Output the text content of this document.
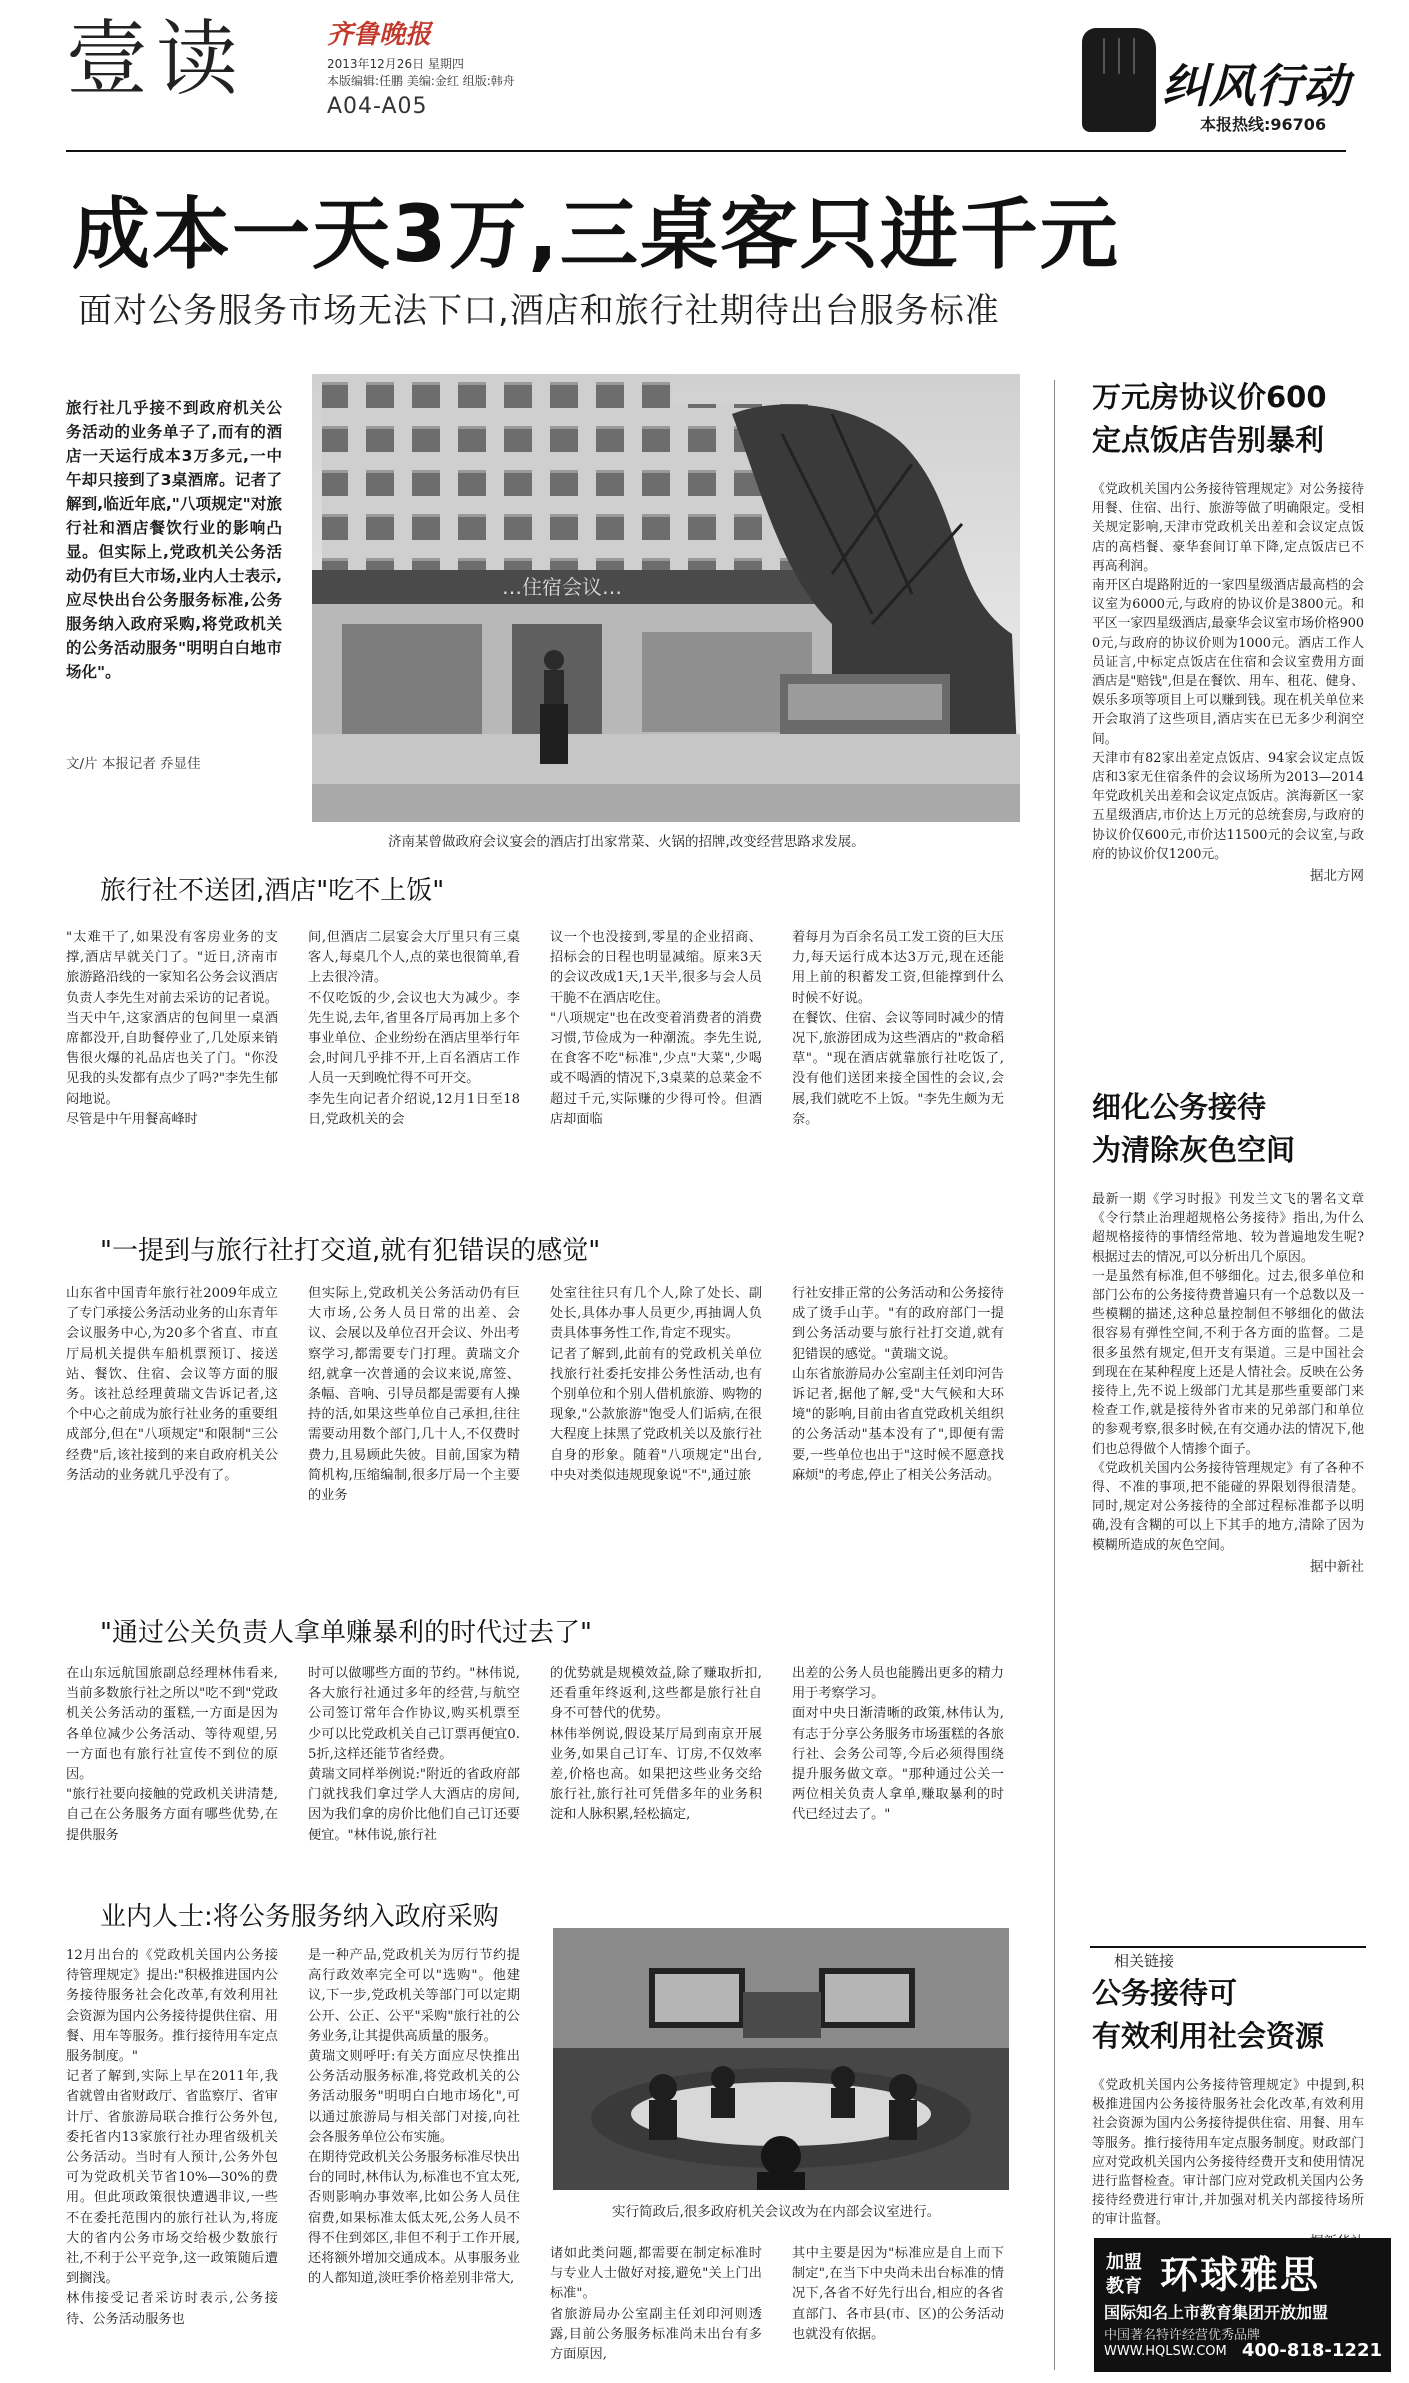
壹读	齐鲁晚报
2013年12月26日 星期四
本版编辑:任鹏 美编:金红 组版:韩舟
A04-A05	纠风行动
本报热线:96706
成本一天3万,三桌客只进千元
面对公务服务市场无法下口,酒店和旅行社期待出台服务标准

旅行社几乎接不到政府机关公务活动的业务单子了,而有的酒店一天运行成本3万多元,一中午却只接到了3桌酒席。记者了解到,临近年底,"八项规定"对旅行社和酒店餐饮行业的影响凸显。但实际上,党政机关公务活动仍有巨大市场,业内人士表示,应尽快出台公务服务标准,公务服务纳入政府采购,将党政机关的公务活动服务"明明白白地市场化"。

文/片 本报记者 乔显佳
…住宿会议…
济南某曾做政府会议宴会的酒店打出家常菜、火锅的招牌,改变经营思路求发展。
旅行社不送团,酒店"吃不上饭"

"太难干了,如果没有客房业务的支撑,酒店早就关门了。"近日,济南市旅游路沿线的一家知名公务会议酒店负责人李先生对前去采访的记者说。当天中午,这家酒店的包间里一桌酒席都没开,自助餐停业了,几处原来销售很火爆的礼品店也关了门。"你没见我的头发都有点少了吗?"李先生郁闷地说。
尽管是中午用餐高峰时

间,但酒店二层宴会大厅里只有三桌客人,每桌几个人,点的菜也很简单,看上去很冷清。
不仅吃饭的少,会议也大为减少。李先生说,去年,省里各厅局再加上多个事业单位、企业纷纷在酒店里举行年会,时间几乎排不开,上百名酒店工作人员一天到晚忙得不可开交。
李先生向记者介绍说,12月1日至18日,党政机关的会

议一个也没接到,零星的企业招商、招标会的日程也明显减缩。原来3天的会议改成1天,1天半,很多与会人员干脆不在酒店吃住。
"八项规定"也在改变着消费者的消费习惯,节俭成为一种潮流。李先生说,在食客不吃"标准",少点"大菜",少喝或不喝酒的情况下,3桌菜的总菜金不超过千元,实际赚的少得可怜。但酒店却面临

着每月为百余名员工发工资的巨大压力,每天运行成本达3万元,现在还能用上前的积蓄发工资,但能撑到什么时候不好说。
在餐饮、住宿、会议等同时减少的情况下,旅游团成为这些酒店的"救命稻草"。"现在酒店就靠旅行社吃饭了,没有他们送团来接全国性的会议,会展,我们就吃不上饭。"李先生颇为无奈。

"一提到与旅行社打交道,就有犯错误的感觉"

山东省中国青年旅行社2009年成立了专门承接公务活动业务的山东青年会议服务中心,为20多个省直、市直厅局机关提供车船机票预订、接送站、餐饮、住宿、会议等方面的服务。该社总经理黄瑞文告诉记者,这个中心之前成为旅行社业务的重要组成部分,但在"八项规定"和限制"三公经费"后,该社接到的来自政府机关公务活动的业务就几乎没有了。

但实际上,党政机关公务活动仍有巨大市场,公务人员日常的出差、会议、会展以及单位召开会议、外出考察学习,都需要专门打理。黄瑞文介绍,就拿一次普通的会议来说,席签、条幅、音响、引导员都是需要有人操持的活,如果这些单位自己承担,往往需要动用数个部门,几十人,不仅费时费力,且易顾此失彼。目前,国家为精简机构,压缩编制,很多厅局一个主要的业务

处室往往只有几个人,除了处长、副处长,具体办事人员更少,再抽调人负责具体事务性工作,肯定不现实。
记者了解到,此前有的党政机关单位找旅行社委托安排公务性活动,也有个别单位和个别人借机旅游、购物的现象,"公款旅游"饱受人们诟病,在很大程度上抹黑了党政机关以及旅行社自身的形象。随着"八项规定"出台,中央对类似违规现象说"不",通过旅

行社安排正常的公务活动和公务接待成了烫手山芋。"有的政府部门一提到公务活动要与旅行社打交道,就有犯错误的感觉。"黄瑞文说。
山东省旅游局办公室副主任刘印河告诉记者,据他了解,受"大气候和大环境"的影响,目前由省直党政机关组织的公务活动"基本没有了",即便有需要,一些单位也出于"这时候不愿意找麻烦"的考虑,停止了相关公务活动。

"通过公关负责人拿单赚暴利的时代过去了"

在山东远航国旅副总经理林伟看来,当前多数旅行社之所以"吃不到"党政机关公务活动的蛋糕,一方面是因为各单位减少公务活动、等待观望,另一方面也有旅行社宣传不到位的原因。
"旅行社要向接触的党政机关讲清楚,自己在公务服务方面有哪些优势,在提供服务

时可以做哪些方面的节约。"林伟说,各大旅行社通过多年的经营,与航空公司签订常年合作协议,购买机票至少可以比党政机关自己订票再便宜0.5折,这样还能节省经费。
黄瑞文同样举例说:"附近的省政府部门就找我们拿过学人大酒店的房间,因为我们拿的房价比他们自己订还要便宜。"林伟说,旅行社

的优势就是规模效益,除了赚取折扣,还看重年终返利,这些都是旅行社自身不可替代的优势。
林伟举例说,假设某厅局到南京开展业务,如果自己订车、订房,不仅效率差,价格也高。如果把这些业务交给旅行社,旅行社可凭借多年的业务积淀和人脉积累,轻松搞定,

出差的公务人员也能腾出更多的精力用于考察学习。
面对中央日渐清晰的政策,林伟认为,有志于分享公务服务市场蛋糕的各旅行社、会务公司等,今后必须得围绕提升服务做文章。"那种通过公关一两位相关负责人拿单,赚取暴利的时代已经过去了。"

业内人士:将公务服务纳入政府采购

12月出台的《党政机关国内公务接待管理规定》提出:"积极推进国内公务接待服务社会化改革,有效利用社会资源为国内公务接待提供住宿、用餐、用车等服务。推行接待用车定点服务制度。"
记者了解到,实际上早在2011年,我省就曾由省财政厅、省监察厅、省审计厅、省旅游局联合推行公务外包,委托省内13家旅行社办理省级机关公务活动。当时有人预计,公务外包可为党政机关节省10%—30%的费用。但此项政策很快遭遇非议,一些不在委托范围内的旅行社认为,将庞大的省内公务市场交给极少数旅行社,不利于公平竞争,这一政策随后遭到搁浅。
林伟接受记者采访时表示,公务接待、公务活动服务也

是一种产品,党政机关为厉行节约提高行政效率完全可以"选购"。他建议,下一步,党政机关等部门可以定期公开、公正、公平"采购"旅行社的公务业务,让其提供高质量的服务。
黄瑞文则呼吁:有关方面应尽快推出公务活动服务标准,将党政机关的公务活动服务"明明白白地市场化",可以通过旅游局与相关部门对接,向社会各服务单位公布实施。
在期待党政机关公务服务标准尽快出台的同时,林伟认为,标准也不宜太死,否则影响办事效率,比如公务人员住宿费,如果标准太低太死,公务人员不得不住到郊区,非但不利于工作开展,还将额外增加交通成本。从事服务业的人都知道,淡旺季价格差别非常大,

诸如此类问题,都需要在制定标准时与专业人士做好对接,避免"关上门出标准"。
省旅游局办公室副主任刘印河则透露,目前公务服务标准尚未出台有多方面原因,

其中主要是因为"标准应是自上而下制定",在当下中央尚未出台标准的情况下,各省不好先行出台,相应的各省直部门、各市县(市、区)的公务活动也就没有依据。

实行简政后,很多政府机关会议改为在内部会议室进行。
万元房协议价600
定点饭店告别暴利

《党政机关国内公务接待管理规定》对公务接待用餐、住宿、出行、旅游等做了明确限定。受相关规定影响,天津市党政机关出差和会议定点饭店的高档餐、豪华套间订单下降,定点饭店已不再高利润。
南开区白堤路附近的一家四星级酒店最高档的会议室为6000元,与政府的协议价是3800元。和平区一家四星级酒店,最豪华会议室市场价格9000元,与政府的协议价则为1000元。酒店工作人员证言,中标定点饭店在住宿和会议室费用方面酒店是"赔钱",但是在餐饮、用车、租花、健身、娱乐多项等项目上可以赚到钱。现在机关单位来开会取消了这些项目,酒店实在已无多少利润空间。
天津市有82家出差定点饭店、94家会议定点饭店和3家无住宿条件的会议场所为2013—2014年党政机关出差和会议定点饭店。滨海新区一家五星级酒店,市价达上万元的总统套房,与政府的协议价仅600元,市价达11500元的会议室,与政府的协议价仅1200元。

据北方网
细化公务接待
为清除灰色空间

最新一期《学习时报》刊发兰文飞的署名文章《令行禁止治理超规格公务接待》指出,为什么超规格接待的事情经常地、较为普遍地发生呢?根据过去的情况,可以分析出几个原因。
一是虽然有标准,但不够细化。过去,很多单位和部门公布的公务接待费普遍只有一个总数以及一些模糊的描述,这种总量控制但不够细化的做法很容易有弹性空间,不利于各方面的监督。二是很多虽然有规定,但开支有渠道。三是中国社会到现在在某种程度上还是人情社会。反映在公务接待上,先不说上级部门尤其是那些重要部门来检查工作,就是接待外省市来的兄弟部门和单位的参观考察,很多时候,在有交通办法的情况下,他们也总得做个人情掺个面子。
《党政机关国内公务接待管理规定》有了各种不得、不准的事项,把不能碰的界限划得很清楚。同时,规定对公务接待的全部过程标准都予以明确,没有含糊的可以上下其手的地方,清除了因为模糊所造成的灰色空间。

据中新社
相关链接
公务接待可
有效利用社会资源

《党政机关国内公务接待管理规定》中提到,积极推进国内公务接待服务社会化改革,有效利用社会资源为国内公务接待提供住宿、用餐、用车等服务。推行接待用车定点服务制度。财政部门应对党政机关国内公务接待经费开支和使用情况进行监督检查。审计部门应对党政机关国内公务接待经费进行审计,并加强对机关内部接待场所的审计监督。

加盟
教育 环球雅思
国际知名上市教育集团开放加盟
中国著名特许经营优秀品牌
WWW.HQLSW.COM 400-818-1221
